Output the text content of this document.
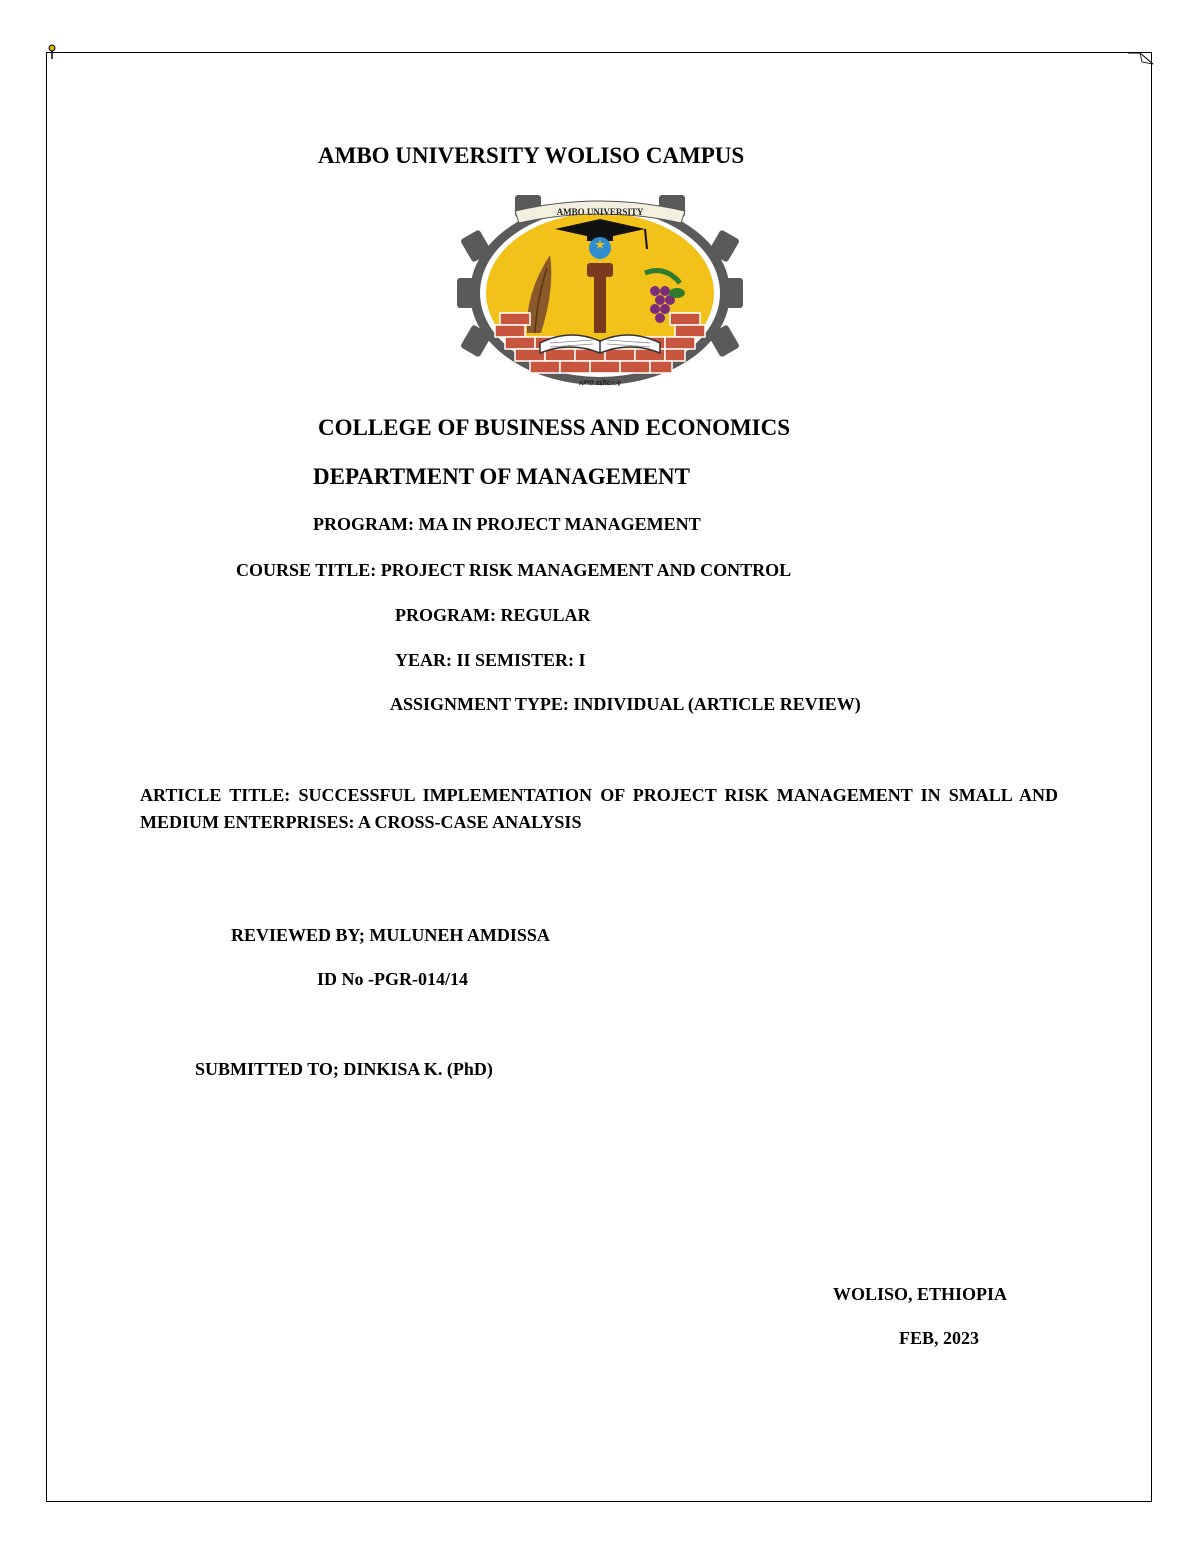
AMBO UNIVERSITY WOLISO CAMPUS

AMBO UNIVERSITY
አምቦ ዩኒቨርሲቲ

COLLEGE OF BUSINESS AND ECONOMICS

DEPARTMENT OF MANAGEMENT

PROGRAM: MA IN PROJECT MANAGEMENT

COURSE TITLE: PROJECT RISK MANAGEMENT AND CONTROL

PROGRAM: REGULAR

YEAR: II SEMISTER: I

ASSIGNMENT TYPE: INDIVIDUAL (ARTICLE REVIEW)

ARTICLE TITLE: SUCCESSFUL IMPLEMENTATION OF PROJECT RISK MANAGEMENT IN SMALL AND MEDIUM ENTERPRISES: A CROSS-CASE ANALYSIS

REVIEWED BY; MULUNEH AMDISSA

ID No -PGR-014/14

SUBMITTED TO; DINKISA K. (PhD)

WOLISO, ETHIOPIA

FEB, 2023
